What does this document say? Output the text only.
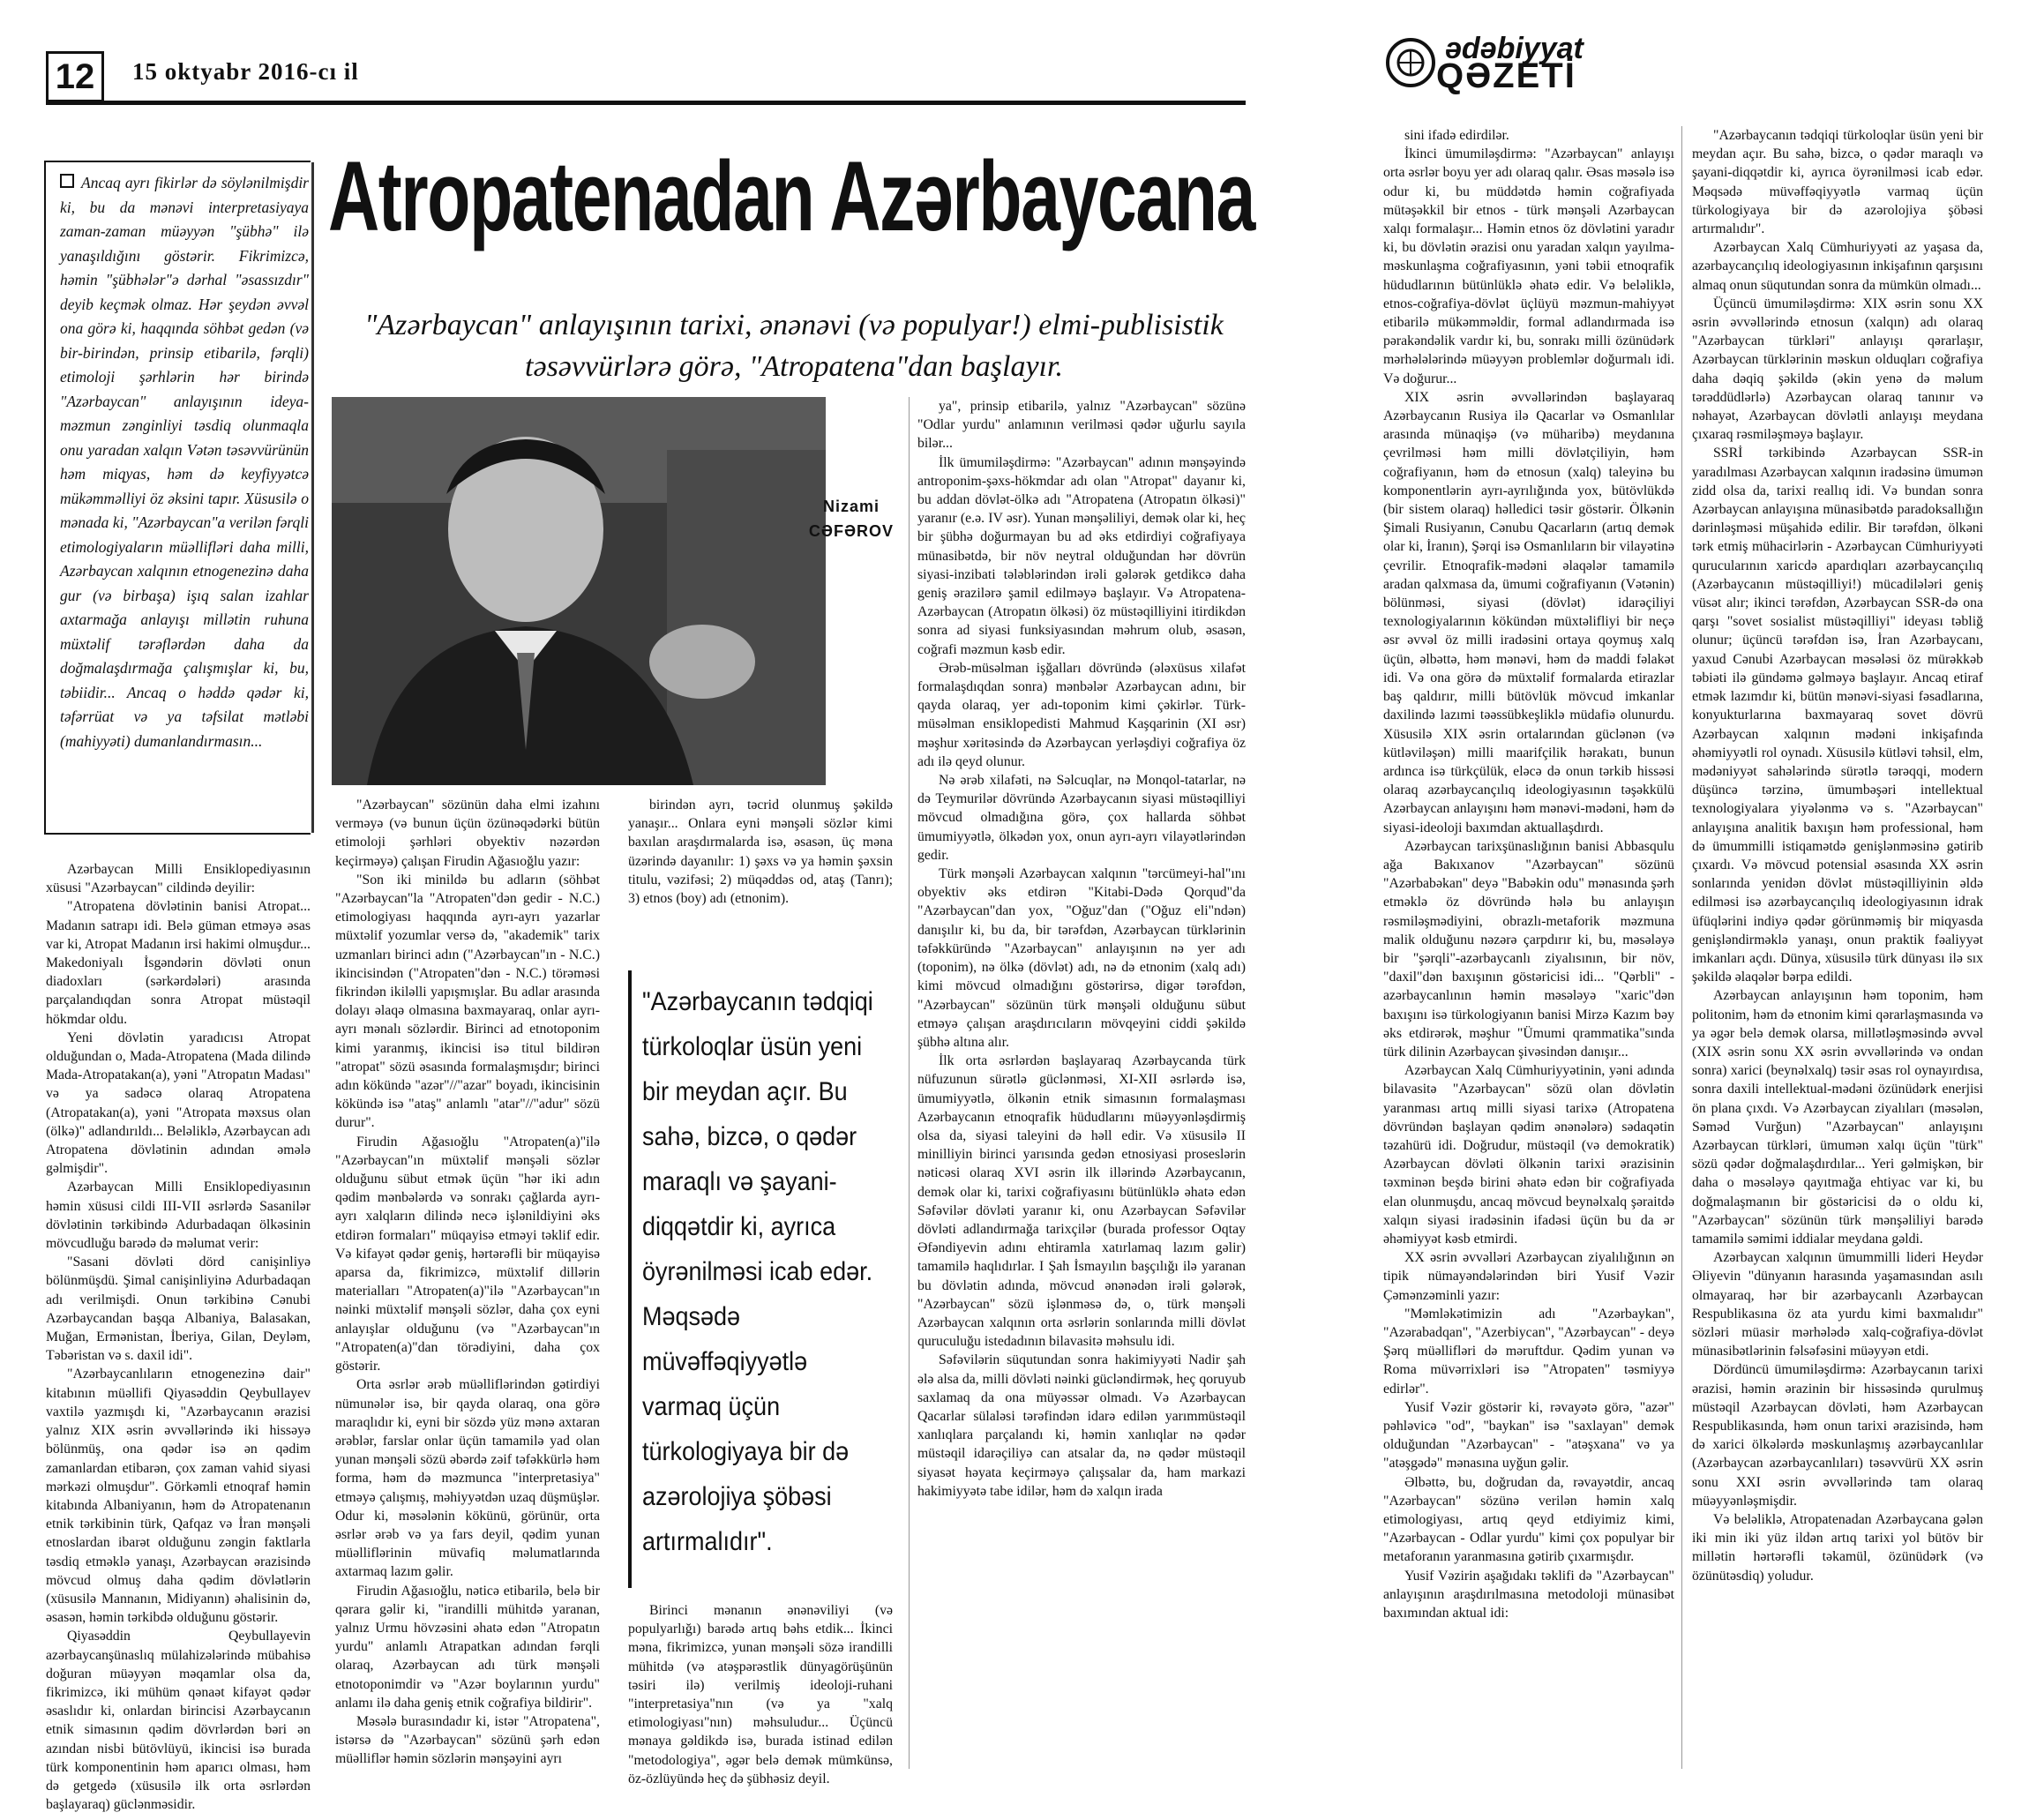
12	15 oktyabr 2016-cı il
ədəbiyyat
QƏZETİ
Ancaq ayrı fikirlər də söylənilmişdir ki, bu da mənəvi interpretasiyaya zaman-zaman müəyyən "şübhə" ilə yanaşıldığını göstərir. Fikrimizcə, həmin "şübhələr"ə dərhal "əsassızdır" deyib keçmək olmaz. Hər şeydən əvvəl ona görə ki, haqqında söhbət gedən (və bir-birindən, prinsip etibarilə, fərqli) etimoloji şərhlərin hər birində "Azərbaycan" anlayışının ideya-məzmun zənginliyi təsdiq olunmaqla onu yaradan xalqın Vətən təsəvvürünün həm miqyas, həm də keyfiyyətcə mükəmməlliyi öz əksini tapır. Xüsusilə o mənada ki, "Azərbaycan"a verilən fərqli etimologiyaların müəllifləri daha milli, Azərbaycan xalqının etnogenezinə daha gur (və birbaşa) işıq salan izahlar axtarmağa anlayışı millətin ruhuna müxtəlif tərəflərdən daha da doğmalaşdırmağa çalışmışlar ki, bu, təbiidir... Ancaq o həddə qədər ki, təfərrüat və ya təfsilat mətləbi (mahiyyəti) dumanlandırmasın...
Atropatenadan Azərbaycana
"Azərbaycan" anlayışının tarixi, ənənəvi (və populyar!) elmi-publisistik təsəvvürlərə görə, "Atropatena"dan başlayır.
Nizami
CƏFƏROV

Azərbaycan Milli Ensiklopediyasının xüsusi "Azərbaycan" cildində deyilir:

"Atropatena dövlətinin banisi Atropat... Madanın satrapı idi. Belə güman etməyə əsas var ki, Atropat Madanın irsi hakimi olmuşdur... Makedoniyalı İsgəndərin dövləti onun diadoxları (sərkərdələri) arasında parçalandıqdan sonra Atropat müstəqil hökmdar oldu.

Yeni dövlətin yaradıcısı Atropat olduğundan o, Mada-Atropatena (Mada dilində Mada-Atropatakan(a), yəni "Atropatın Madası" və ya sadəcə olaraq Atropatena (Atropatakan(a), yəni "Atropata məxsus olan (ölkə)" adlandırıldı... Beləliklə, Azərbaycan adı Atropatena dövlətinin adından əmələ gəlmişdir".

Azərbaycan Milli Ensiklopediyasının həmin xüsusi cildi III-VII əsrlərdə Sasanilər dövlətinin tərkibində Adurbadaqan ölkəsinin mövcudluğu barədə də məlumat verir:

"Sasani dövləti dörd canişinliyə bölünmüşdü. Şimal canişinliyinə Adurbadaqan adı verilmişdi. Onun tərkibinə Cənubi Azərbaycandan başqa Albaniya, Balasakan, Muğan, Ermənistan, İberiya, Gilan, Deyləm, Təbəristan və s. daxil idi".

"Azərbaycanlıların etnogenezinə dair" kitabının müəllifi Qiyasəddin Qeybullayev vaxtilə yazmışdı ki, "Azərbaycanın ərazisi yalnız XIX əsrin əvvəllərində iki hissəyə bölünmüş, ona qədər isə ən qədim zamanlardan etibarən, çox zaman vahid siyasi mərkəzi olmuşdur". Görkəmli etnoqraf həmin kitabında Albaniyanın, həm də Atropatenanın etnik tərkibinin türk, Qafqaz və İran mənşəli etnoslardan ibarət olduğunu zəngin faktlarla təsdiq etməklə yanaşı, Azərbaycan ərazisində mövcud olmuş daha qədim dövlətlərin (xüsusilə Mannanın, Midiyanın) əhalisinin də, əsasən, həmin tərkibdə olduğunu göstərir.

Qiyasəddin Qeybullayevin azərbaycanşünaslıq mülahizələrində mübahisə doğuran müəyyən məqamlar olsa da, fikrimizcə, iki mühüm qənaət kifayət qədər əsaslıdır ki, onlardan birincisi Azərbaycanın etnik simasının qədim dövrlərdən bəri ən azından nisbi bütövlüyü, ikincisi isə burada türk komponentinin həm aparıcı olması, həm də getgedə (xüsusilə ilk orta əsrlərdən başlayaraq) güclənməsidir.

"Azərbaycan" sözünün daha elmi izahını verməyə (və bunun üçün özünəqədərki bütün etimoloji şərhləri obyektiv nəzərdən keçirməyə) çalışan Firudin Ağasıoğlu yazır:

"Son iki minildə bu adların (söhbət "Azərbaycan"la "Atropaten"dən gedir - N.C.) etimologiyası haqqında ayrı-ayrı yazarlar müxtəlif yozumlar versə də, "akademik" tarix uzmanları birinci adın ("Azərbaycan"ın - N.C.) ikincisindən ("Atropaten"dən - N.C.) törəməsi fikrindən ikiləlli yapışmışlar. Bu adlar arasında dolayı əlaqə olmasına baxmayaraq, onlar ayrı-ayrı mənalı sözlərdir. Birinci ad etnotoponim kimi yaranmış, ikincisi isə titul bildirən "atropat" sözü əsasında formalaşmışdır; birinci adın kökündə "azər"//"azar" boyadı, ikincisinin kökündə isə "ataş" anlamlı "atar"//"adur" sözü durur".

Firudin Ağasıoğlu "Atropaten(a)"ilə "Azərbaycan"ın müxtəlif mənşəli sözlər olduğunu sübut etmək üçün "hər iki adın qədim mənbələrdə və sonrakı çağlarda ayrı-ayrı xalqların dilində necə işlənildiyini əks etdirən formaları" müqayisə etməyi təklif edir. Və kifayət qədər geniş, hərtərəfli bir müqayisə aparsa da, fikrimizcə, müxtəlif dillərin materialları "Atropaten(a)"ilə "Azərbaycan"ın nəinki müxtəlif mənşəli sözlər, daha çox eyni anlayışlar olduğunu (və "Azərbaycan"ın "Atropaten(a)"dan törədiyini, daha çox göstərir.

Orta əsrlər ərəb müəlliflərindən gətirdiyi nümunələr isə, bir qayda olaraq, ona görə maraqlıdır ki, eyni bir sözdə yüz mənə axtaran ərəblər, farslar onlar üçün tamamilə yad olan yunan mənşəli sözü əbərdə zəif təfəkkürlə həm forma, həm də məzmunca "interpretasiya" etməyə çalışmış, məhiyyətdən uzaq düşmüşlər. Odur ki, məsələnin kökünü, görünür, orta əsrlər ərəb və ya fars deyil, qədim yunan müəlliflərinin müvafiq məlumatlarında axtarmaq lazım gəlir.

Firudin Ağasıoğlu, nəticə etibarilə, belə bir qərara gəlir ki, "irandilli mühitdə yaranan, yalnız Urmu hövzəsini əhatə edən "Atropatın yurdu" anlamlı Atrapatkan adından fərqli olaraq, Azərbaycan adı türk mənşəli etnotoponimdir və "Azər boylarının yurdu" anlamı ilə daha geniş etnik coğrafiya bildirir".

Məsələ burasındadır ki, istər "Atropatena", istərsə də "Azərbaycan" sözünü şərh edən müəlliflər həmin sözlərin mənşəyini ayrı

birindən ayrı, təcrid olunmuş şəkildə yanaşır... Onlara eyni mənşəli sözlər kimi baxılan araşdırmalarda isə, əsasən, üç məna üzərində dayanılır: 1) şəxs və ya həmin şəxsin titulu, vəzifəsi; 2) müqəddəs od, ataş (Tanrı); 3) etnos (boy) adı (etnonim).

"Azərbaycanın tədqiqi türkoloqlar üsün yeni bir meydan açır. Bu sahə, bizcə, o qədər maraqlı və şayani-diqqətdir ki, ayrıca öyrənilməsi icab edər. Məqsədə müvəffəqiyyətlə varmaq üçün türkologiyaya bir də azərolojiya şöbəsi artırmalıdır".

Birinci mənanın ənənəviliyi (və populyarlığı) barədə artıq bəhs etdik... İkinci məna, fikrimizcə, yunan mənşəli sözə irandilli mühitdə (və atəşpərəstlik dünyagörüşünün təsiri ilə) verilmiş ideoloji-ruhani "interpretasiya"nın (və ya "xalq etimologiyası"nın) məhsuludur... Üçüncü mənaya gəldikdə isə, burada istinad edilən "metodologiya", əgər belə demək mümkünsə, öz-özlüyündə heç də şübhəsiz deyil.

ya", prinsip etibarilə, yalnız "Azərbaycan" sözünə "Odlar yurdu" anlamının verilməsi qədər uğurlu sayıla bilər...

İlk ümumiləşdirmə: "Azərbaycan" adının mənşəyində antroponim-şəxs-hökmdar adı olan "Atropat" dayanır ki, bu addan dövlət-ölkə adı "Atropatena (Atropatın ölkəsi)" yaranır (e.ə. IV əsr). Yunan mənşəliliyi, demək olar ki, heç bir şübhə doğurmayan bu ad əks etdirdiyi coğrafiyaya münasibətdə, bir növ neytral olduğundan hər dövrün siyasi-inzibati tələblərindən irəli gələrək getdikcə daha geniş ərazilərə şamil edilməyə başlayır. Və Atropatena-Azərbaycan (Atropatın ölkəsi) öz müstəqilliyini itirdikdən sonra ad siyasi funksiyasından məhrum olub, əsasən, coğrafi məzmun kəsb edir.

Ərəb-müsəlman işğalları dövründə (ələxüsus xilafət formalaşdıqdan sonra) mənbələr Azərbaycan adını, bir qayda olaraq, yer adı-toponim kimi çəkirlər. Türk-müsəlman ensiklopedisti Mahmud Kaşqarinin (XI əsr) məşhur xəritəsində də Azərbaycan yerləşdiyi coğrafiya öz adı ilə qeyd olunur.

Nə ərəb xilafəti, nə Səlcuqlar, nə Monqol-tatarlar, nə də Teymurilər dövründə Azərbaycanın siyasi müstəqilliyi mövcud olmadığına görə, çox hallarda söhbət ümumiyyətlə, ölkədən yox, onun ayrı-ayrı vilayətlərindən gedir.

Türk mənşəli Azərbaycan xalqının "tərcümeyi-hal"ını obyektiv əks etdirən "Kitabi-Dədə Qorqud"da "Azərbaycan"dan yox, "Oğuz"dan ("Oğuz eli"ndən) danışılır ki, bu da, bir tərəfdən, Azərbaycan türklərinin təfəkküründə "Azərbaycan" anlayışının nə yer adı (toponim), nə ölkə (dövlət) adı, nə də etnonim (xalq adı) kimi mövcud olmadığını göstərirsə, digər tərəfdən, "Azərbaycan" sözünün türk mənşəli olduğunu sübut etməyə çalışan araşdırıcıların mövqeyini ciddi şəkildə şübhə altına alır.

İlk orta əsrlərdən başlayaraq Azərbaycanda türk nüfuzunun sürətlə güclənməsi, XI-XII əsrlərdə isə, ümumiyyətlə, ölkənin etnik simasının formalaşması Azərbaycanın etnoqrafik hüdudlarını müəyyənləşdirmiş olsa da, siyasi taleyini də həll edir. Və xüsusilə II minilliyin birinci yarısında gedən etnosiyasi proseslərin nəticəsi olaraq XVI əsrin ilk illərində Azərbaycanın, demək olar ki, tarixi coğrafiyasını bütünlüklə əhatə edən Səfəvilər dövləti yaranır ki, onu Azərbaycan Səfəvilər dövləti adlandırmağa tarixçilər (burada professor Oqtay Əfəndiyevin adını ehtiramla xatırlamaq lazım gəlir) tamamilə haqlıdırlar. I Şah İsmayılın başçılığı ilə yaranan bu dövlətin adında, mövcud ənənədən irəli gələrək, "Azərbaycan" sözü işlənməsə də, o, türk mənşəli Azərbaycan xalqının orta əsrlərin sonlarında milli dövlət quruculuğu istedadının bilavasitə məhsulu idi.

Səfəvilərin süqutundan sonra hakimiyyəti Nadir şah ələ alsa da, milli dövləti nəinki gücləndirmək, heç qoruyub saxlamaq da ona müyəssər olmadı. Və Azərbaycan Qacarlar sülaləsi tərəfindən idarə edilən yarımmüstəqil xanlıqlara parçalandı ki, həmin xanlıqlar nə qədər müstəqil idarəçiliyə can atsalar da, nə qədər müstəqil siyasət həyata keçirməyə çalışsalar da, ham markazi hakimiyyətə tabe idilər, həm də xalqın irada

sini ifadə edirdilər.

İkinci ümumiləşdirmə: "Azərbaycan" anlayışı orta əsrlər boyu yer adı olaraq qalır. Əsas məsələ isə odur ki, bu müddətdə həmin coğrafiyada mütəşəkkil bir etnos - türk mənşəli Azərbaycan xalqı formalaşır... Həmin etnos öz dövlətini yaradır ki, bu dövlətin ərazisi onu yaradan xalqın yayılma-məskunlaşma coğrafiyasının, yəni təbii etnoqrafik hüdudlarının bütünlüklə əhatə edir. Və beləliklə, etnos-coğrafiya-dövlət üçlüyü məzmun-mahiyyət etibarilə mükəmməldir, formal adlandırmada isə pərakəndəlik vardır ki, bu, sonrakı milli özünüdərk mərhələlərində müəyyən problemlər doğurmalı idi. Və doğurur...

XIX əsrin əvvəllərindən başlayaraq Azərbaycanın Rusiya ilə Qacarlar və Osmanlılar arasında münaqişə (və müharibə) meydanına çevrilməsi həm milli dövlətçiliyin, həm coğrafiyanın, həm də etnosun (xalq) taleyinə bu komponentlərin ayrı-ayrılığında yox, bütövlükdə (bir sistem olaraq) həlledici təsir göstərir. Ölkənin Şimali Rusiyanın, Cənubu Qacarların (artıq demək olar ki, İranın), Şərqi isə Osmanlıların bir vilayətinə çevrilir. Etnoqrafik-mədəni əlaqələr tamamilə aradan qalxmasa da, ümumi coğrafiyanın (Vətənin) bölünməsi, siyasi (dövlət) idarəçiliyi texnologiyalarının kökündən müxtəlifliyi bir neçə əsr əvvəl öz milli iradəsini ortaya qoymuş xalq üçün, əlbəttə, həm mənəvi, həm də maddi fəlakət idi. Və ona görə də müxtəlif formalarda etirazlar baş qaldırır, milli bütövlük mövcud imkanlar daxilində lazımi təəssübkeşliklə müdafiə olunurdu. Xüsusilə XIX əsrin ortalarından güclənən (və kütləviləşən) milli maarifçilik hərakatı, bunun ardınca isə türkçülük, eləcə də onun tərkib hissəsi olaraq azərbaycançılıq ideologiyasının təşəkkülü Azərbaycan anlayışını həm mənəvi-mədəni, həm də siyasi-ideoloji baxımdan aktuallaşdırdı.

Azərbaycan tarixşünaslığının banisi Abbasqulu ağa Bakıxanov "Azərbaycan" sözünü "Azərbabəkan" deyə "Babəkin odu" mənasında şərh etməklə öz dövründə hələ bu anlayışın rəsmiləşmədiyini, obrazlı-metaforik məzmuna malik olduğunu nəzərə çarpdırır ki, bu, məsələyə bir "şərqli"-azərbaycanlı ziyalısının, bir növ, "daxil"dən baxışının göstəricisi idi... "Qərbli" - azərbaycanlının həmin məsələyə "xaric"dən baxışını isə türkologiyanın banisi Mirzə Kazım bəy əks etdirərək, məşhur "Ümumi qrammatika"sında türk dilinin Azərbaycan şivəsindən danışır...

Azərbaycan Xalq Cümhuriyyətinin, yəni adında bilavasitə "Azərbaycan" sözü olan dövlətin yaranması artıq milli siyasi tarixə (Atropatena dövründən başlayan qədim ənənələrə) sədaqətin təzahürü idi. Doğrudur, müstəqil (və demokratik) Azərbaycan dövləti ölkənin tarixi ərazisinin təxminən beşdə birini əhatə edən bir coğrafiyada elan olunmuşdu, ancaq mövcud beynəlxalq şəraitdə xalqın siyasi iradəsinin ifadəsi üçün bu da ər əhəmiyyət kəsb etmirdi.

XX əsrin əvvəlləri Azərbaycan ziyalılığının ən tipik nümayəndələrindən biri Yusif Vəzir Çəmənzəminli yazır:

"Məmləkətimizin adı "Azərbaykan", "Azərabadqan", "Azerbiycan", "Azərbaycan" - deyə Şərq müəllifləri də məruftdur. Qədim yunan və Roma müvərrixləri isə "Atropaten" təsmiyyə edirlər".

Yusif Vəzir göstərir ki, rəvayətə görə, "azər" pəhləvicə "od", "baykan" isə "saxlayan" demək olduğundan "Azərbaycan" - "atəşxana" və ya "atəşgədə" mənasına uyğun gəlir.

Əlbəttə, bu, doğrudan da, rəvayətdir, ancaq "Azərbaycan" sözünə verilən həmin xalq etimologiyası, artıq qeyd etdiyimiz kimi, "Azərbaycan - Odlar yurdu" kimi çox populyar bir metaforanın yaranmasına gətirib çıxarmışdır.

Yusif Vəzirin aşağıdakı təklifi də "Azərbaycan" anlayışının araşdırılmasına metodoloji münasibət baxımından aktual idi:

"Azərbaycanın tədqiqi türkoloqlar üsün yeni bir meydan açır. Bu sahə, bizcə, o qədər maraqlı və şayani-diqqətdir ki, ayrıca öyrənilməsi icab edər. Məqsədə müvəffəqiyyətlə varmaq üçün türkologiyaya bir də azərolojiya şöbəsi artırmalıdır".

Azərbaycan Xalq Cümhuriyyəti az yaşasa da, azərbaycançılıq ideologiyasının inkişafının qarşısını almaq onun süqutundan sonra da mümkün olmadı...

Üçüncü ümumiləşdirmə: XIX əsrin sonu XX əsrin əvvəllərində etnosun (xalqın) adı olaraq "Azərbaycan türkləri" anlayışı qərarlaşır, Azərbaycan türklərinin məskun olduqları coğrafiya daha dəqiq şəkildə (əkin yenə də məlum tərəddüdlərlə) Azərbaycan olaraq tanınır və nəhayət, Azərbaycan dövlətli anlayışı meydana çıxaraq rəsmiləşməyə başlayır.

SSRİ tərkibində Azərbaycan SSR-in yaradılması Azərbaycan xalqının iradəsinə ümumən zidd olsa da, tarixi reallıq idi. Və bundan sonra Azərbaycan anlayışına münasibətdə paradoksallığın dərinləşməsi müşahidə edilir. Bir tərəfdən, ölkəni tərk etmiş mühacirlərin - Azərbaycan Cümhuriyyəti qurucularının xaricdə apardıqları azərbaycançılıq (Azərbaycanın müstəqilliyi!) mücadilələri geniş vüsət alır; ikinci tərəfdən, Azərbaycan SSR-də ona qarşı "sovet sosialist müstəqilliyi" ideyası təbliğ olunur; üçüncü tərəfdən isə, İran Azərbaycanı, yaxud Cənubi Azərbaycan məsələsi öz mürəkkəb təbiəti ilə gündəmə gəlməyə başlayır. Ancaq etiraf etmək lazımdır ki, bütün mənəvi-siyasi fəsadlarına, konyukturlarına baxmayaraq sovet dövrü Azərbaycan xalqının mədəni inkişafında əhəmiyyətli rol oynadı. Xüsusilə kütləvi təhsil, elm, mədəniyyət sahələrində sürətlə tərəqqi, modern düşüncə tərzinə, ümumbəşəri intellektual texnologiyalara yiyələnmə və s. "Azərbaycan" anlayışına analitik baxışın həm professional, həm də ümummilli istiqamətdə genişlənməsinə gətirib çıxardı. Və mövcud potensial əsasında XX əsrin sonlarında yenidən dövlət müstəqilliyinin əldə edilməsi isə azərbaycançılıq ideologiyasının idrak üfüqlərini indiyə qədər görünməmiş bir miqyasda genişləndirməklə yanaşı, onun praktik fəaliyyət imkanları açdı. Dünya, xüsusilə türk dünyası ilə sıx şəkildə əlaqələr bərpa edildi.

Azərbaycan anlayışının həm toponim, həm politonim, həm də etnonim kimi qərarlaşmasında və ya əgər belə demək olarsa, millətləşməsində əvvəl (XIX əsrin sonu XX əsrin əvvəllərində və ondan sonra) xarici (beynəlxalq) təsir əsas rol oynayırdısa, sonra daxili intellektual-mədəni özünüdərk enerjisi ön plana çıxdı. Və Azərbaycan ziyalıları (məsələn, Səməd Vurğun) "Azərbaycan" anlayışını Azərbaycan türkləri, ümumən xalqı üçün "türk" sözü qədər doğmalaşdırdılar... Yeri gəlmişkən, bir daha o məsələyə qayıtmağa ehtiyac var ki, bu doğmalaşmanın bir göstəricisi də o oldu ki, "Azərbaycan" sözünün türk mənşəliliyi barədə tamamilə səmimi iddialar meydana gəldi.

Azərbaycan xalqının ümummilli lideri Heydər Əliyevin "dünyanın harasında yaşamasından asılı olmayaraq, hər bir azərbaycanlı Azərbaycan Respublikasına öz ata yurdu kimi baxmalıdır" sözləri müasir mərhələdə xalq-coğrafiya-dövlət münasibətlərinin fəlsəfəsini müəyyən etdi.

Dördüncü ümumiləşdirmə: Azərbaycanın tarixi ərazisi, həmin ərazinin bir hissəsində qurulmuş müstəqil Azərbaycan dövləti, həm Azərbaycan Respublikasında, həm onun tarixi ərazisində, həm də xarici ölkələrdə məskunlaşmış azərbaycanlılar (Azərbaycan azərbaycanlıları) təsəvvürü XX əsrin sonu XXI əsrin əvvəllərində tam olaraq müəyyənləşmişdir.

Və beləliklə, Atropatenadan Azərbaycana gələn iki min iki yüz ildən artıq tarixi yol bütöv bir millətin hərtərəfli təkamül, özünüdərk (və özünütəsdiq) yoludur.
